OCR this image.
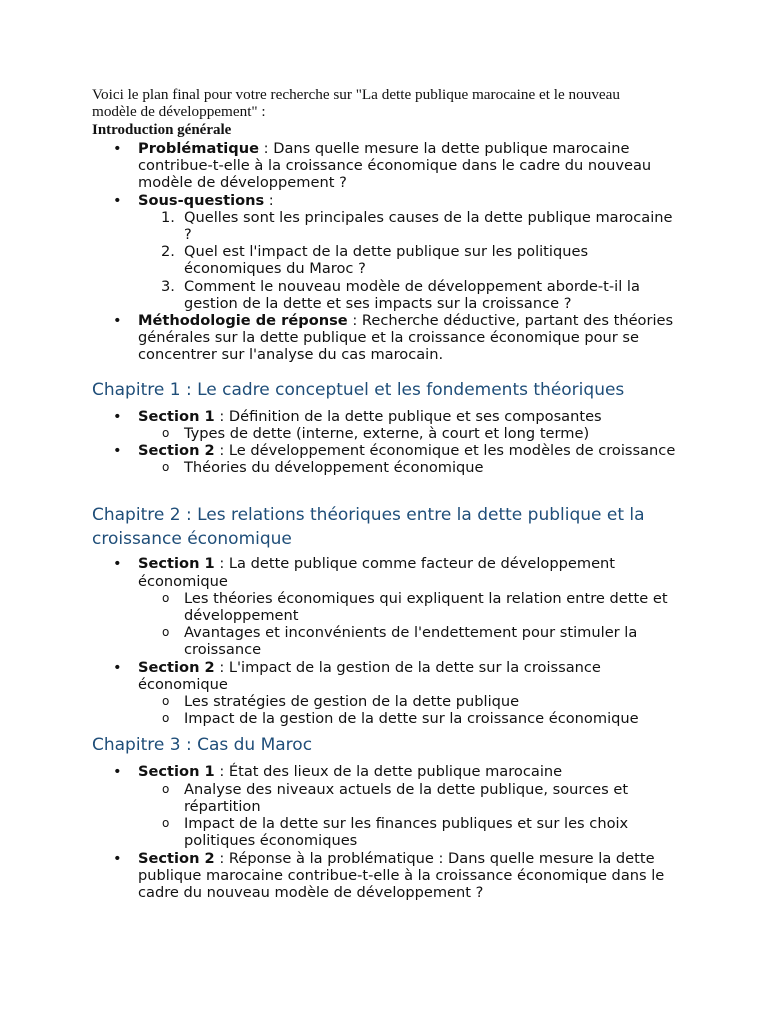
Voici le plan final pour votre recherche sur "La dette publique marocaine et le nouveau

modèle de développement" :

Introduction générale

• Problématique : Dans quelle mesure la dette publique marocaine contribue-t-elle à la croissance économique dans le cadre du nouveau modèle de développement ?
• Sous-questions :
1. Quelles sont les principales causes de la dette publique marocaine ?
2. Quel est l'impact de la dette publique sur les politiques économiques du Maroc ?
3. Comment le nouveau modèle de développement aborde-t-il la gestion de la dette et ses impacts sur la croissance ?
• Méthodologie de réponse : Recherche déductive, partant des théories générales sur la dette publique et la croissance économique pour se concentrer sur l'analyse du cas marocain.
Chapitre 1 : Le cadre conceptuel et les fondements théoriques
• Section 1 : Définition de la dette publique et ses composantes
o Types de dette (interne, externe, à court et long terme)
• Section 2 : Le développement économique et les modèles de croissance
o Théories du développement économique
Chapitre 2 : Les relations théoriques entre la dette publique et la croissance économique
• Section 1 : La dette publique comme facteur de développement économique
o Les théories économiques qui expliquent la relation entre dette et développement
o Avantages et inconvénients de l'endettement pour stimuler la croissance
• Section 2 : L'impact de la gestion de la dette sur la croissance économique
o Les stratégies de gestion de la dette publique
o Impact de la gestion de la dette sur la croissance économique
Chapitre 3 : Cas du Maroc
• Section 1 : État des lieux de la dette publique marocaine
o Analyse des niveaux actuels de la dette publique, sources et répartition
o Impact de la dette sur les finances publiques et sur les choix politiques économiques
• Section 2 : Réponse à la problématique : Dans quelle mesure la dette publique marocaine contribue-t-elle à la croissance économique dans le cadre du nouveau modèle de développement ?
